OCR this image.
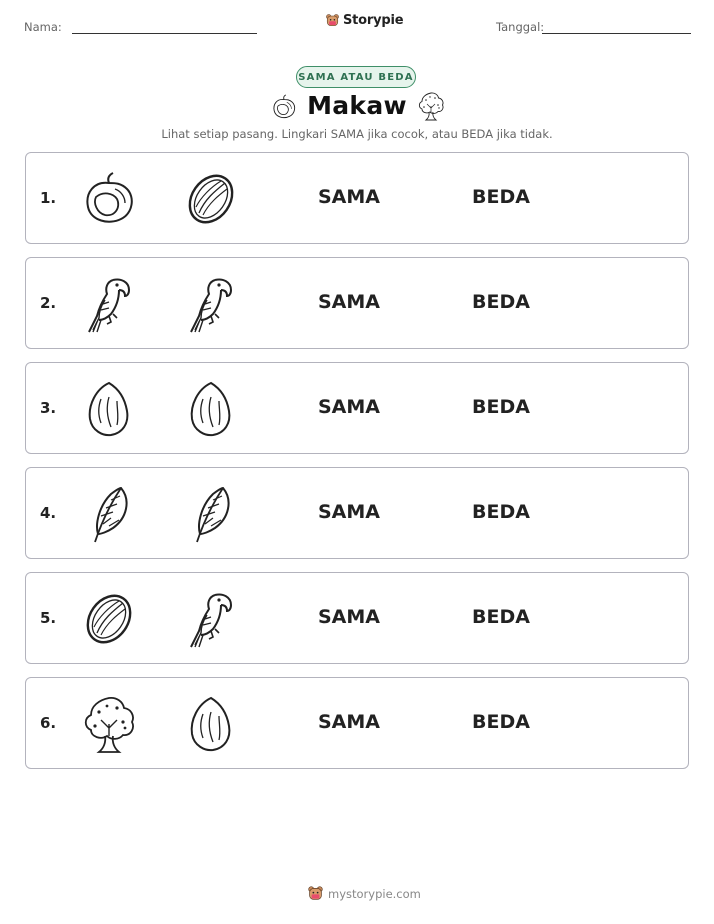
Nama:	Storypie	Tanggal:
SAMA ATAU BEDA
Makaw
Lihat setiap pasang. Lingkari SAMA jika cocok, atau BEDA jika tidak.
1.	SAMA	BEDA
2.	SAMA	BEDA
3.	SAMA	BEDA
4.	SAMA	BEDA
5.	SAMA	BEDA
6.	SAMA	BEDA
mystorypie.com
